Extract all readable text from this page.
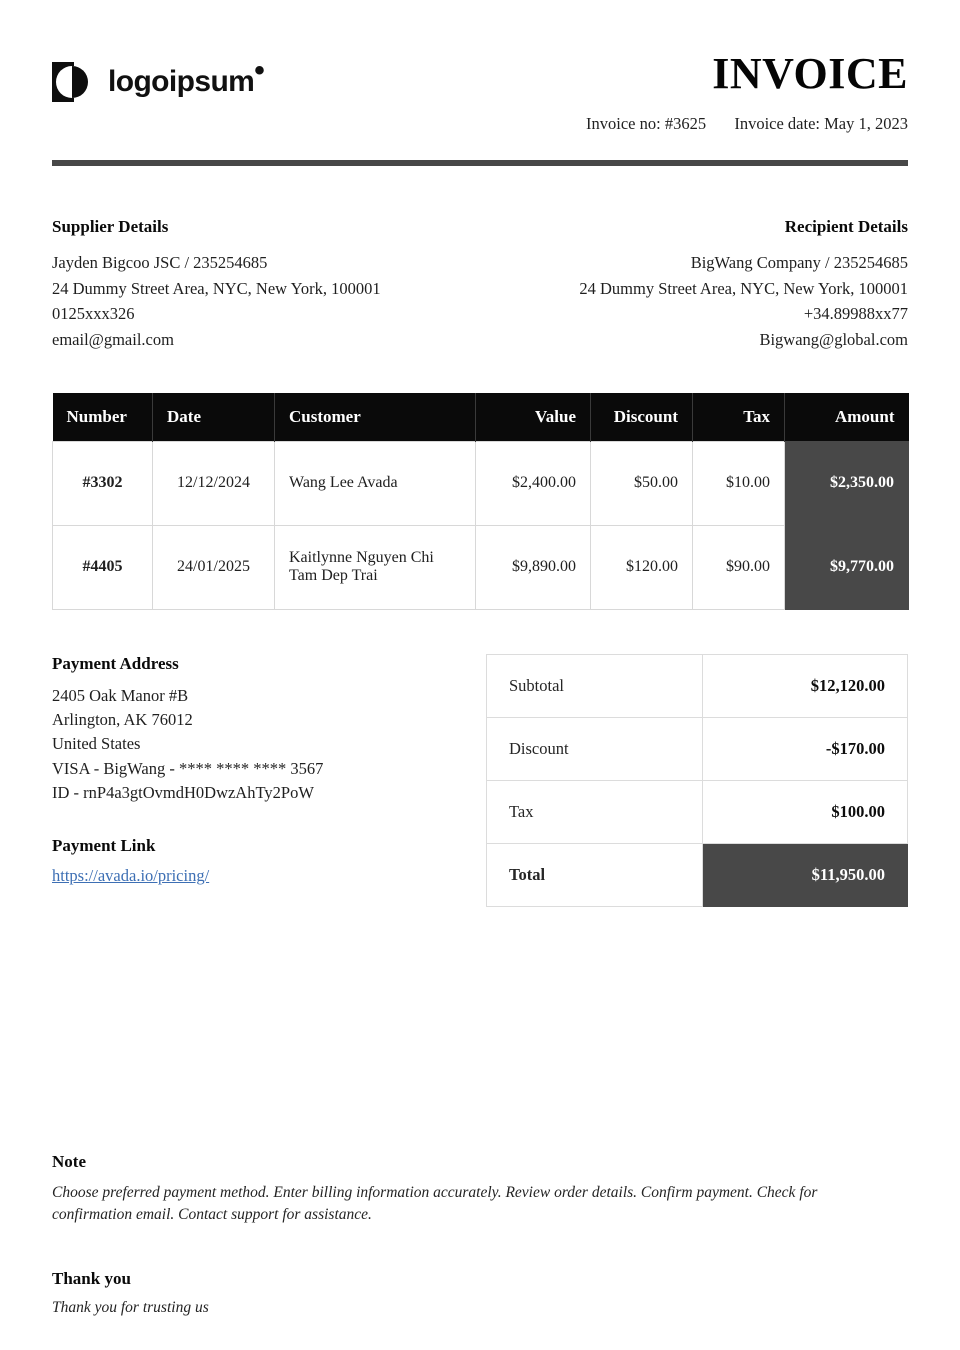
logoipsum•	INVOICE
Invoice no: #3625 Invoice date: May 1, 2023
Supplier Details
Jayden Bigcoo JSC / 235254685
24 Dummy Street Area, NYC, New York, 100001
0125xxx326
email@gmail.com
Recipient Details
BigWang Company / 235254685
24 Dummy Street Area, NYC, New York, 100001
+34.89988xx77
Bigwang@global.com
Number	Date	Customer	Value	Discount	Tax	Amount
#3302	12/12/2024	Wang Lee Avada	$2,400.00	$50.00	$10.00	$2,350.00
#4405	24/01/2025	Kaitlynne Nguyen Chi Tam Dep Trai	$9,890.00	$120.00	$90.00	$9,770.00
Payment Address
2405 Oak Manor #B
Arlington, AK 76012
United States
VISA - BigWang - **** **** **** 3567
ID - rnP4a3gtOvmdH0DwzAhTy2PoW
Payment Link
https://avada.io/pricing/
Subtotal	$12,120.00
Discount	-$170.00
Tax	$100.00
Total	$11,950.00
Note
Choose preferred payment method. Enter billing information accurately. Review order details. Confirm payment. Check for confirmation email. Contact support for assistance.
Thank you
Thank you for trusting us
